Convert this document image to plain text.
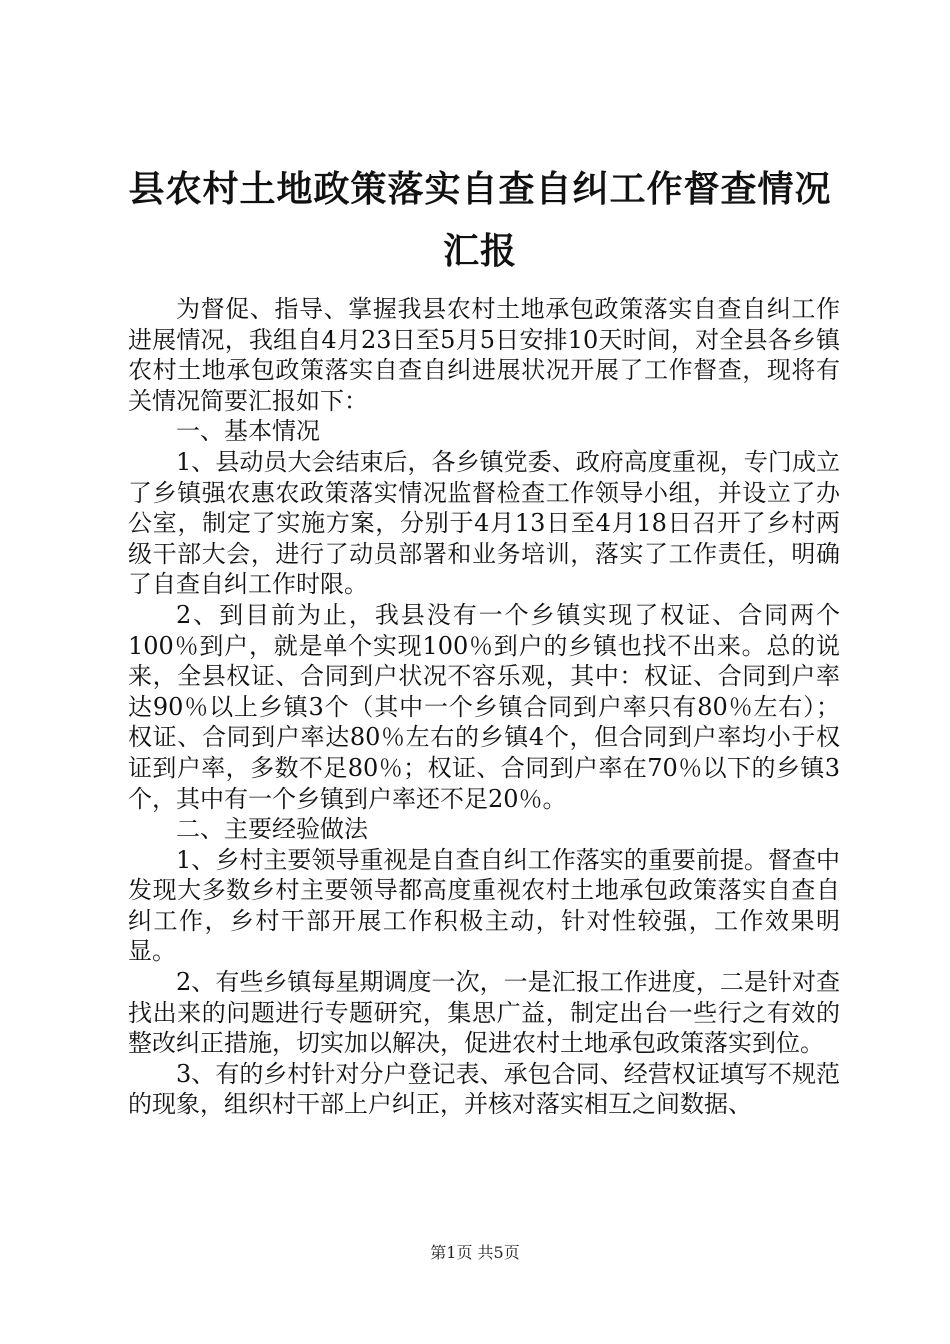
县农村土地政策落实自查自纠工作督查情况汇报

为督促、指导、掌握我县农村土地承包政策落实自查自纠工作进展情况，我组自4月23日至5月5日安排10天时间，对全县各乡镇农村土地承包政策落实自查自纠进展状况开展了工作督查，现将有关情况简要汇报如下：

一、基本情况

1、县动员大会结束后，各乡镇党委、政府高度重视，专门成立了乡镇强农惠农政策落实情况监督检查工作领导小组，并设立了办公室，制定了实施方案，分别于4月13日至4月18日召开了乡村两级干部大会，进行了动员部署和业务培训，落实了工作责任，明确了自查自纠工作时限。

2、到目前为止，我县没有一个乡镇实现了权证、合同两个100％到户，就是单个实现100％到户的乡镇也找不出来。总的说来，全县权证、合同到户状况不容乐观，其中：权证、合同到户率达90％以上乡镇3个（其中一个乡镇合同到户率只有80％左右）；权证、合同到户率达80％左右的乡镇4个，但合同到户率均小于权证到户率，多数不足80％；权证、合同到户率在70％以下的乡镇3个，其中有一个乡镇到户率还不足20％。

二、主要经验做法

1、乡村主要领导重视是自查自纠工作落实的重要前提。督查中发现大多数乡村主要领导都高度重视农村土地承包政策落实自查自纠工作，乡村干部开展工作积极主动，针对性较强，工作效果明显。

2、有些乡镇每星期调度一次，一是汇报工作进度，二是针对查找出来的问题进行专题研究，集思广益，制定出台一些行之有效的整改纠正措施，切实加以解决，促进农村土地承包政策落实到位。

3、有的乡村针对分户登记表、承包合同、经营权证填写不规范的现象，组织村干部上户纠正，并核对落实相互之间数据、

第1页 共5页
